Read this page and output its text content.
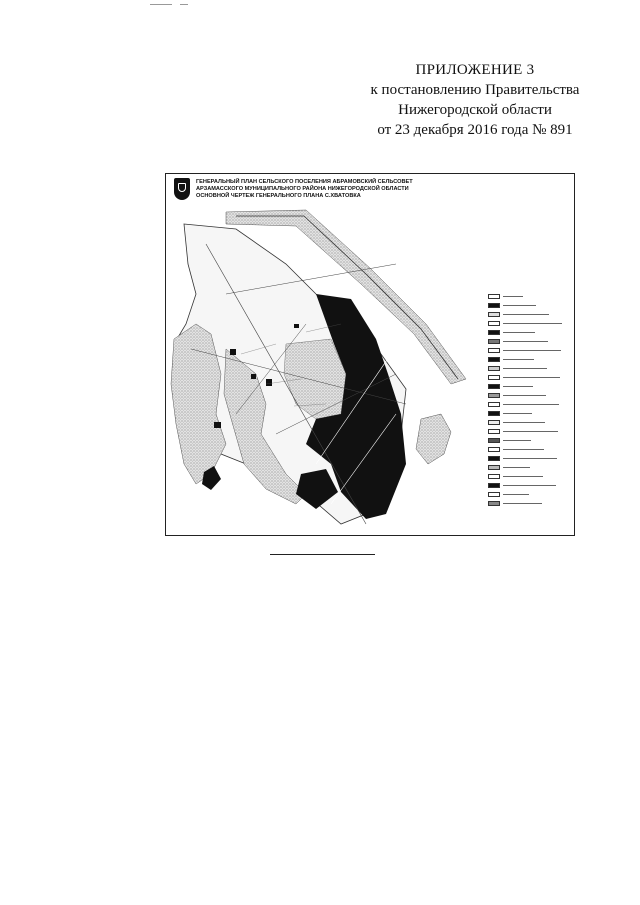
ПРИЛОЖЕНИЕ 3
к постановлению Правительства
Нижегородской области
от 23 декабря 2016 года № 891
ГЕНЕРАЛЬНЫЙ ПЛАН СЕЛЬСКОГО ПОСЕЛЕНИЯ АБРАМОВСКИЙ СЕЛЬСОВЕТ
АРЗАМАССКОГО МУНИЦИПАЛЬНОГО РАЙОНА НИЖЕГОРОДСКОЙ ОБЛАСТИ
ОСНОВНОЙ ЧЕРТЕЖ ГЕНЕРАЛЬНОГО ПЛАНА С.ХВАТОВКА
